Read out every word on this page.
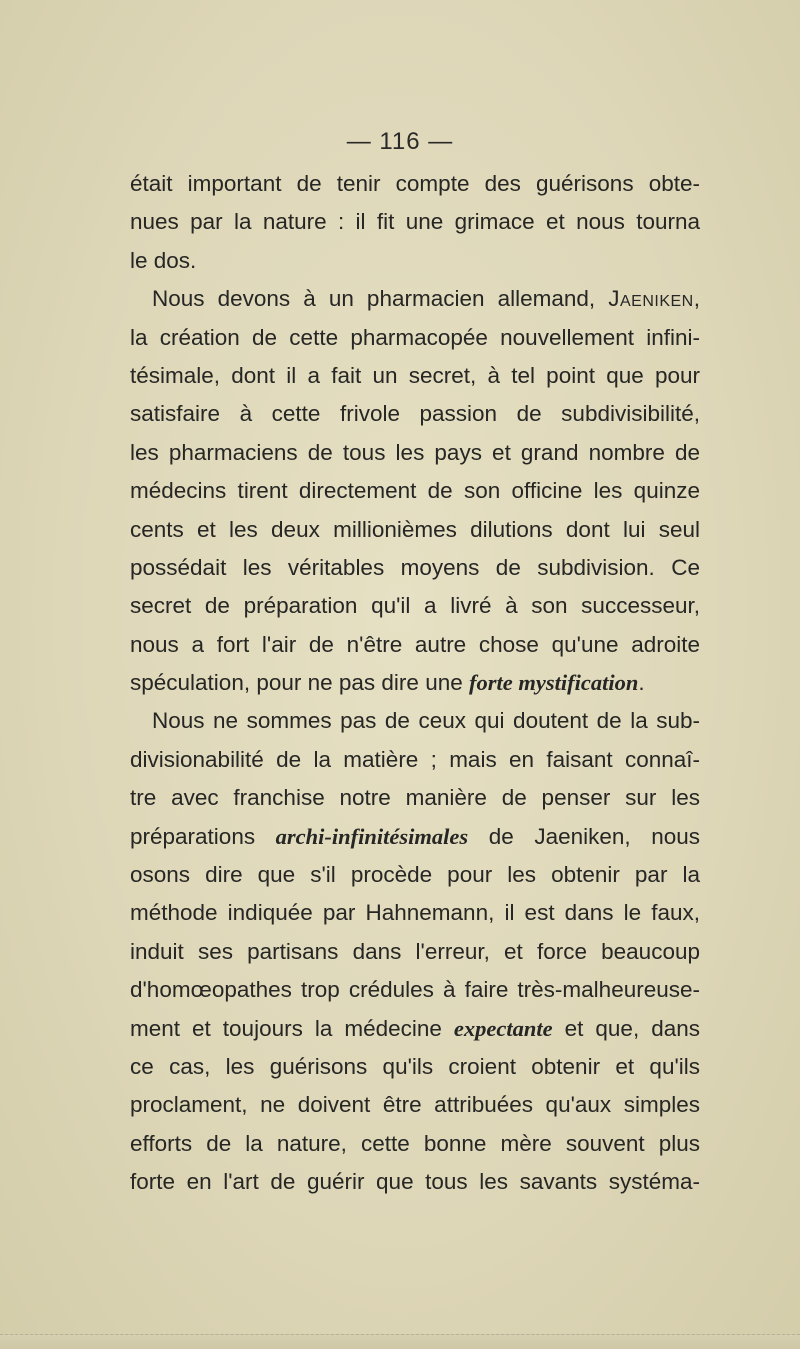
— 116 —
était important de tenir compte des guérisons obte-
nues par la nature : il fit une grimace et nous tourna
le dos.
Nous devons à un pharmacien allemand, Jaeniken,
la création de cette pharmacopée nouvellement infini-
tésimale, dont il a fait un secret, à tel point que pour
satisfaire à cette frivole passion de subdivisibilité,
les pharmaciens de tous les pays et grand nombre de
médecins tirent directement de son officine les quinze
cents et les deux millionièmes dilutions dont lui seul
possédait les véritables moyens de subdivision. Ce
secret de préparation qu'il a livré à son successeur,
nous a fort l'air de n'être autre chose qu'une adroite
spéculation, pour ne pas dire une forte mystification.
Nous ne sommes pas de ceux qui doutent de la sub-
divisionabilité de la matière ; mais en faisant connaî-
tre avec franchise notre manière de penser sur les
préparations archi-infinitésimales de Jaeniken, nous
osons dire que s'il procède pour les obtenir par la
méthode indiquée par Hahnemann, il est dans le faux,
induit ses partisans dans l'erreur, et force beaucoup
d'homœopathes trop crédules à faire très-malheureuse-
ment et toujours la médecine expectante et que, dans
ce cas, les guérisons qu'ils croient obtenir et qu'ils
proclament, ne doivent être attribuées qu'aux simples
efforts de la nature, cette bonne mère souvent plus
forte en l'art de guérir que tous les savants systéma-
